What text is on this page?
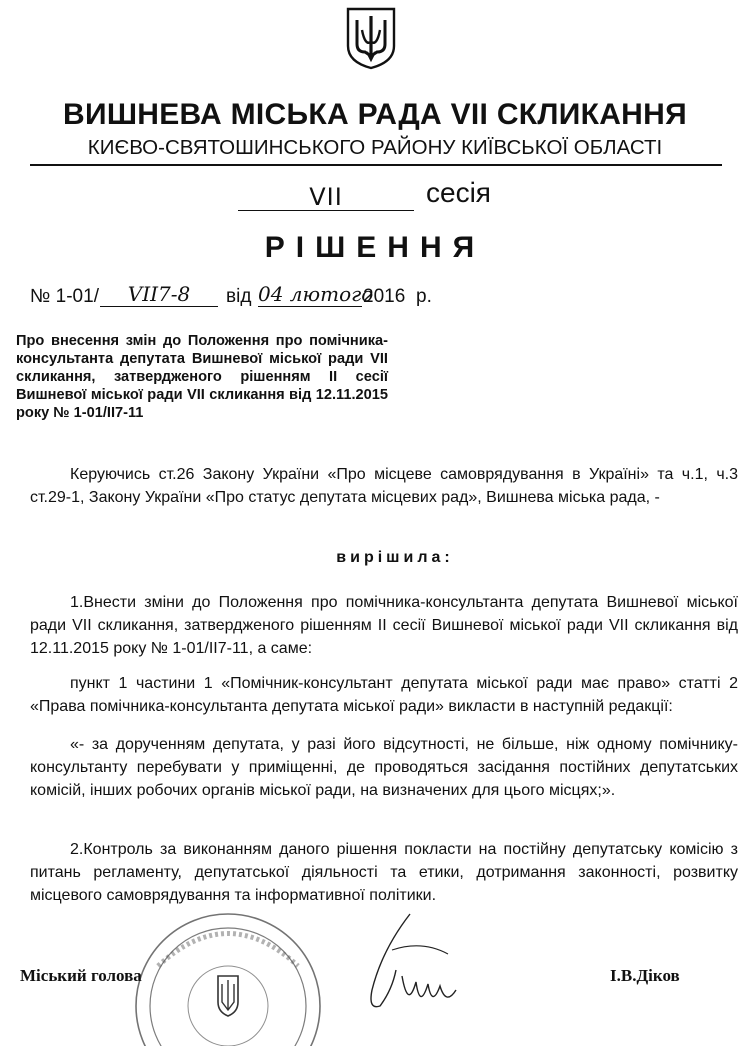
ВИШНЕВА МІСЬКА РАДА VII СКЛИКАННЯ
КИЄВО-СВЯТОШИНСЬКОГО РАЙОНУ КИЇВСЬКОЇ ОБЛАСТІ
VII	сесія
РІШЕННЯ
№ 1-01/	VII7-8	від 04 лютого
2016 р.
Про внесення змін до Положення про помічника-консультанта депутата Вишневої міської ради VII скликання, затвердженого рішенням II сесії Вишневої міської ради VII скликання від 12.11.2015 року № 1-01/II7-11
Керуючись ст.26 Закону України «Про місцеве самоврядування в Україні» та ч.1, ч.3 ст.29-1, Закону України «Про статус депутата місцевих рад», Вишнева міська рада, -
вирішила:
1.Внести зміни до Положення про помічника-консультанта депутата Вишневої міської ради VII скликання, затвердженого рішенням II сесії Вишневої міської ради VII скликання від 12.11.2015 року № 1-01/II7-11, а саме:
пункт 1 частини 1 «Помічник-консультант депутата міської ради має право» статті 2 «Права помічника-консультанта депутата міської ради» викласти в наступній редакції:
«- за дорученням депутата, у разі його відсутності, не більше, ніж одному помічнику-консультанту перебувати у приміщенні, де проводяться засідання постійних депутатських комісій, інших робочих органів міської ради, на визначених для цього місцях;».
2.Контроль за виконанням даного рішення покласти на постійну депутатську комісію з питань регламенту, депутатської діяльності та етики, дотримання законності, розвитку місцевого самоврядування та інформативної політики.
Міський голова	І.В.Діков
